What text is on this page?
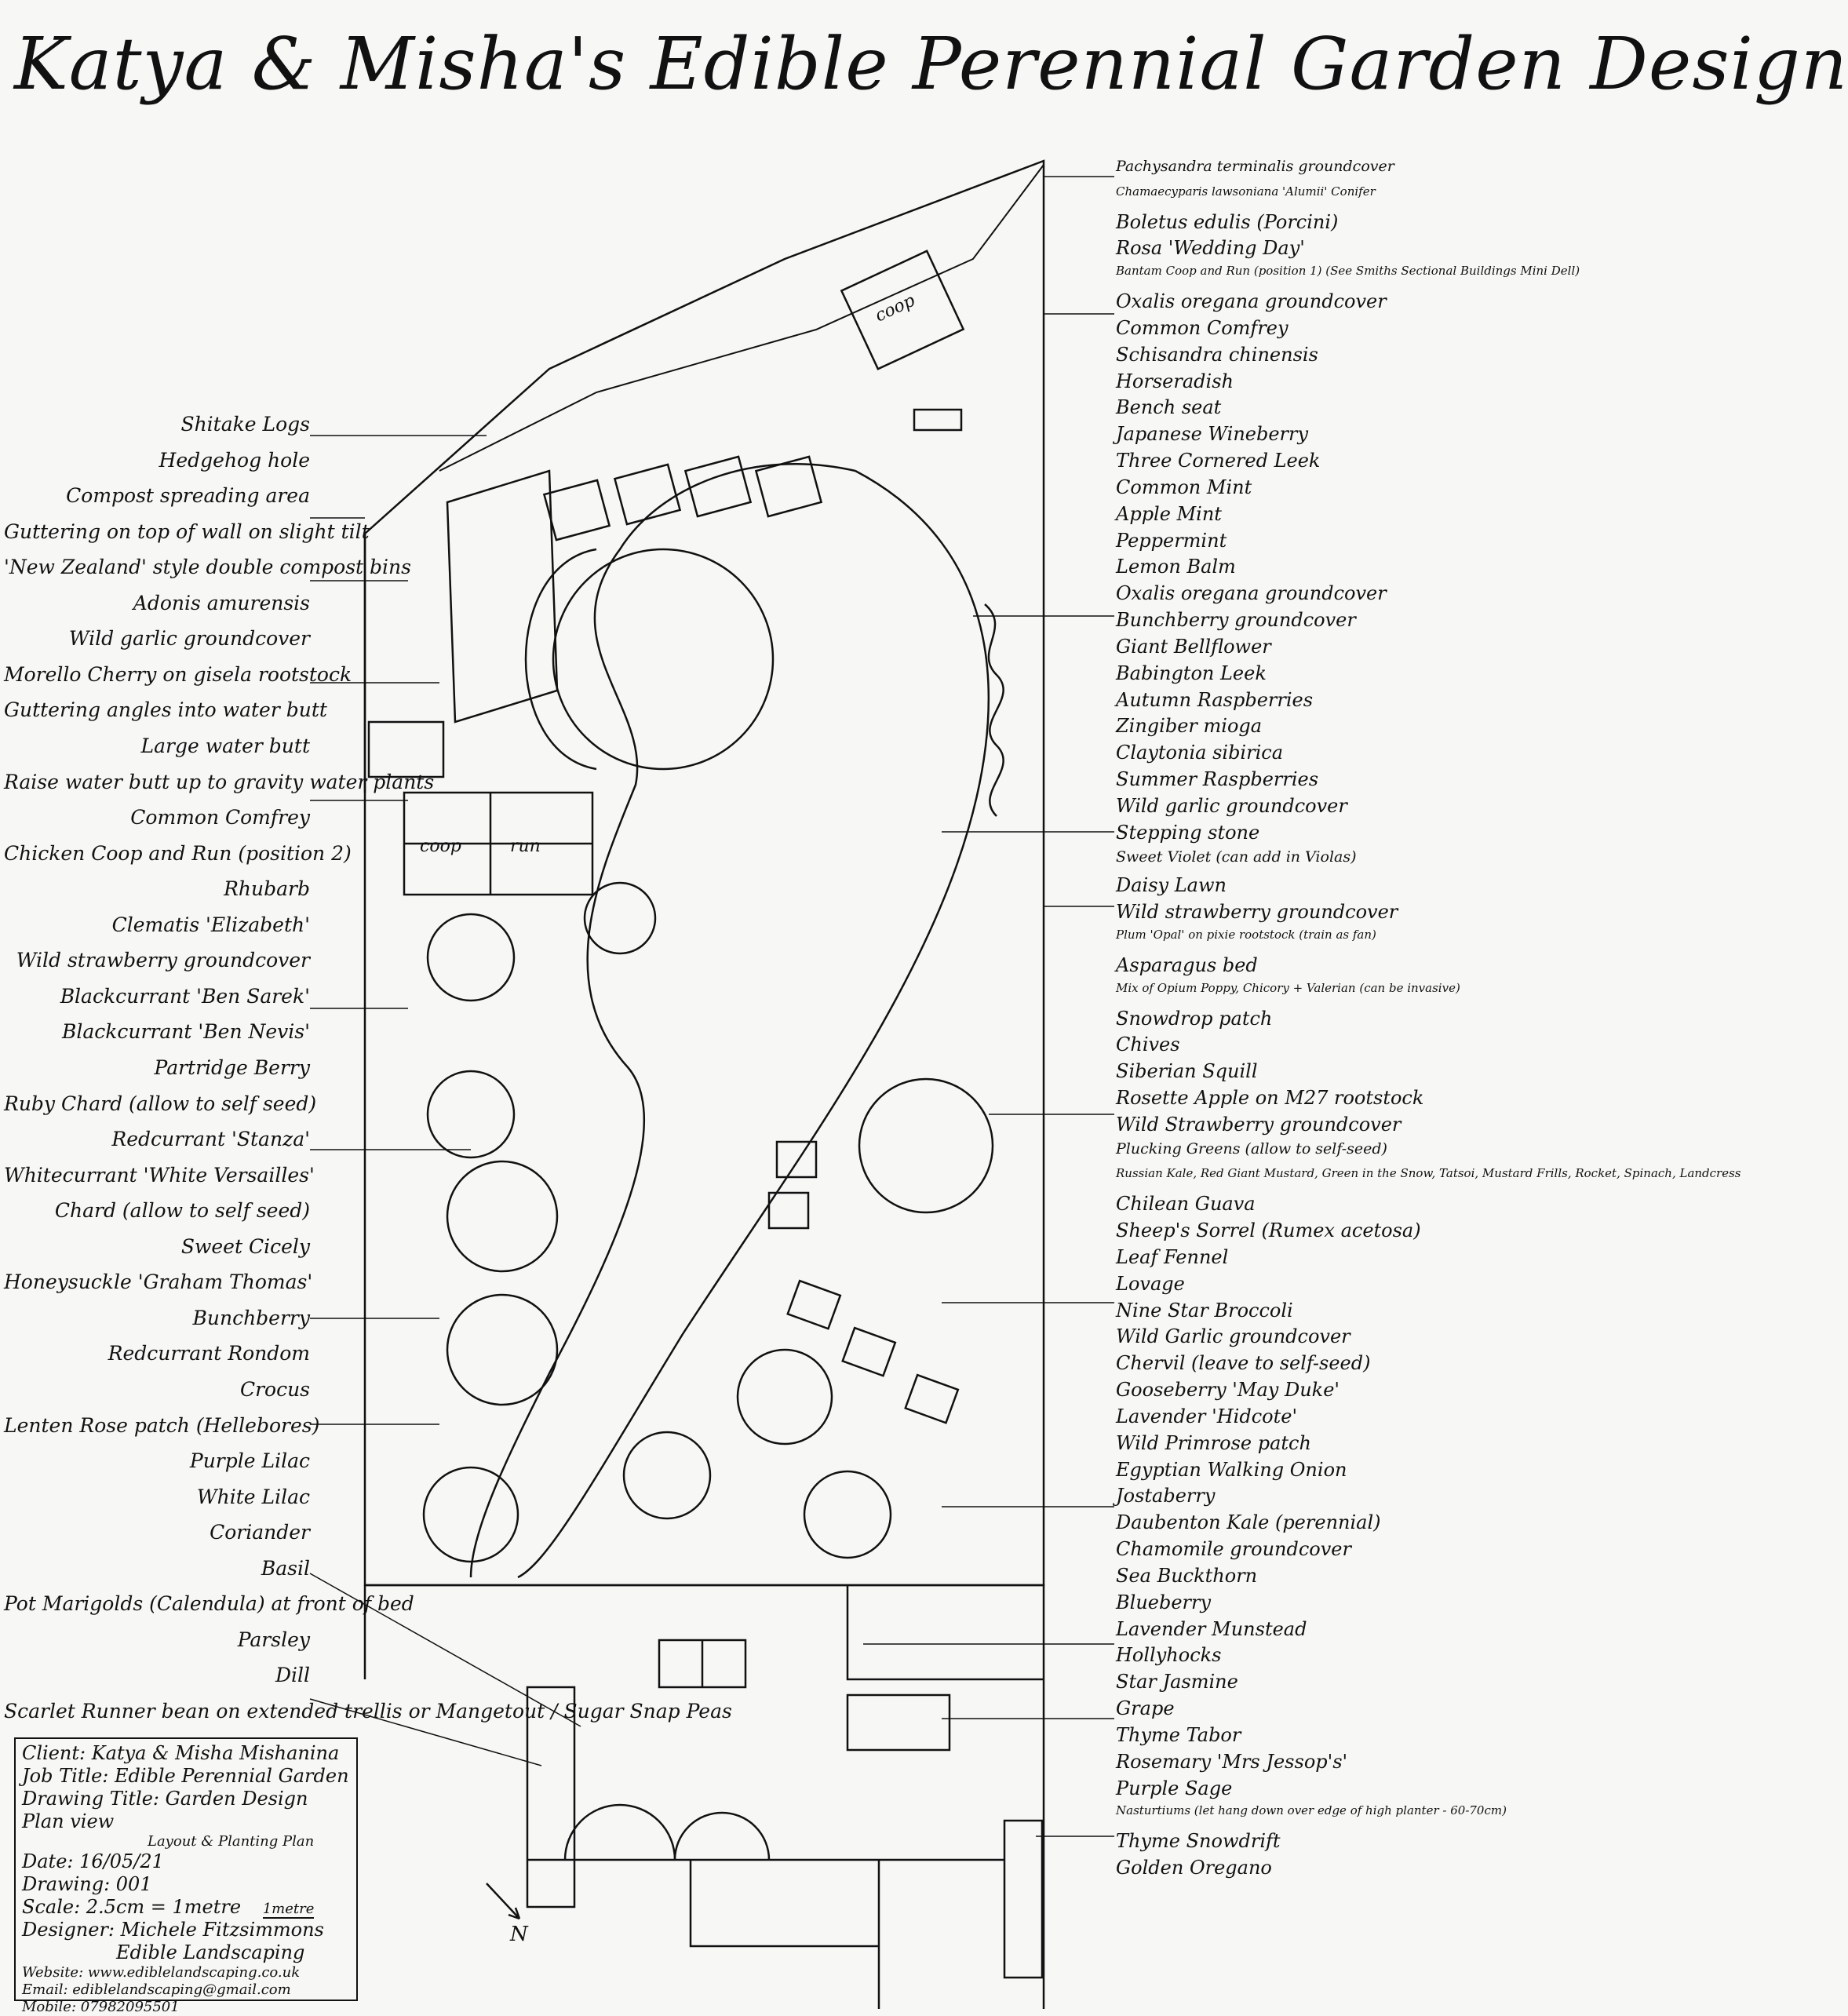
Katya & Misha's Edible Perennial Garden Design
coop
coop	run
Shitake Logs
Hedgehog hole
Compost spreading area
Guttering on top of wall on slight tilt
'New Zealand' style double compost bins
Adonis amurensis
Wild garlic groundcover
Morello Cherry on gisela rootstock
Guttering angles into water butt
Large water butt
Raise water butt up to gravity water plants
Common Comfrey
Chicken Coop and Run (position 2)
Rhubarb
Clematis 'Elizabeth'
Wild strawberry groundcover
Blackcurrant 'Ben Sarek'
Blackcurrant 'Ben Nevis'
Partridge Berry
Ruby Chard (allow to self seed)
Redcurrant 'Stanza'
Whitecurrant 'White Versailles'
Chard (allow to self seed)
Sweet Cicely
Honeysuckle 'Graham Thomas'
Bunchberry
Redcurrant Rondom
Crocus
Lenten Rose patch (Hellebores)
Purple Lilac
White Lilac
Coriander
Basil
Pot Marigolds (Calendula) at front of bed
Parsley
Dill
Scarlet Runner bean on extended trellis or Mangetout / Sugar Snap Peas
Pachysandra terminalis groundcover
Chamaecyparis lawsoniana 'Alumii' Conifer
Boletus edulis (Porcini)
Rosa 'Wedding Day'
Bantam Coop and Run (position 1) (See Smiths Sectional Buildings Mini Dell)
Oxalis oregana groundcover
Common Comfrey
Schisandra chinensis
Horseradish
Bench seat
Japanese Wineberry
Three Cornered Leek
Common Mint
Apple Mint
Peppermint
Lemon Balm
Oxalis oregana groundcover
Bunchberry groundcover
Giant Bellflower
Babington Leek
Autumn Raspberries
Zingiber mioga
Claytonia sibirica
Summer Raspberries
Wild garlic groundcover
Stepping stone
Sweet Violet (can add in Violas)
Daisy Lawn
Wild strawberry groundcover
Plum 'Opal' on pixie rootstock (train as fan)
Asparagus bed
Mix of Opium Poppy, Chicory + Valerian (can be invasive)
Snowdrop patch
Chives
Siberian Squill
Rosette Apple on M27 rootstock
Wild Strawberry groundcover
Plucking Greens (allow to self-seed)
Russian Kale, Red Giant Mustard, Green in the Snow, Tatsoi, Mustard Frills, Rocket, Spinach, Landcress
Chilean Guava
Sheep's Sorrel (Rumex acetosa)
Leaf Fennel
Lovage
Nine Star Broccoli
Wild Garlic groundcover
Chervil (leave to self-seed)
Gooseberry 'May Duke'
Lavender 'Hidcote'
Wild Primrose patch
Egyptian Walking Onion
Jostaberry
Daubenton Kale (perennial)
Chamomile groundcover
Sea Buckthorn
Blueberry
Lavender Munstead
Hollyhocks
Star Jasmine
Grape
Thyme Tabor
Rosemary 'Mrs Jessop's'
Purple Sage
Nasturtiums (let hang down over edge of high planter - 60-70cm)
Thyme Snowdrift
Golden Oregano
Client: Katya & Misha Mishanina
Job Title: Edible Perennial Garden
Drawing Title: Garden Design Plan view
Layout & Planting Plan
Date: 16/05/21
Drawing: 001
Scale: 2.5cm = 1metre 1metre
Designer: Michele Fitzsimmons
Edible Landscaping
Website: www.ediblelandscaping.co.uk
Email: ediblelandscaping@gmail.com
Mobile: 07982095501
N
